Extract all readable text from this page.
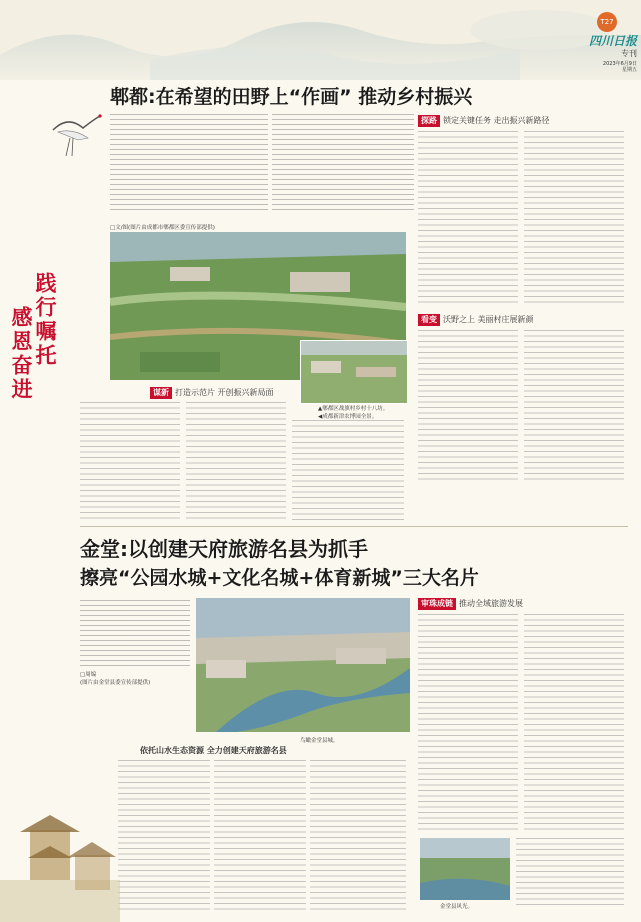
T27
四川日报
专刊
2023年6月9日
星期五
践行嘱托
感恩奋进
郫都:在希望的田野上“作画” 推动乡村振兴
□文/图(图片由成都市郫都区委宣传部提供)
▲郫都区战旗村乡村十八坊。
◀成都新津农博园全景。
探路 锁定关键任务 走出振兴新路径
看变 沃野之上 美丽村庄展新颜
谋新 打造示范片 开创振兴新局面
金堂:以创建天府旅游名县为抓手
擦亮“公园水城+文化名城+体育新城”三大名片
鸟瞰金堂县城。
□周编
(图片由金堂县委宣传部提供)
审珠成链 推动全域旅游发展
依托山水生态资源 全力创建天府旅游名县
金堂县风光。
